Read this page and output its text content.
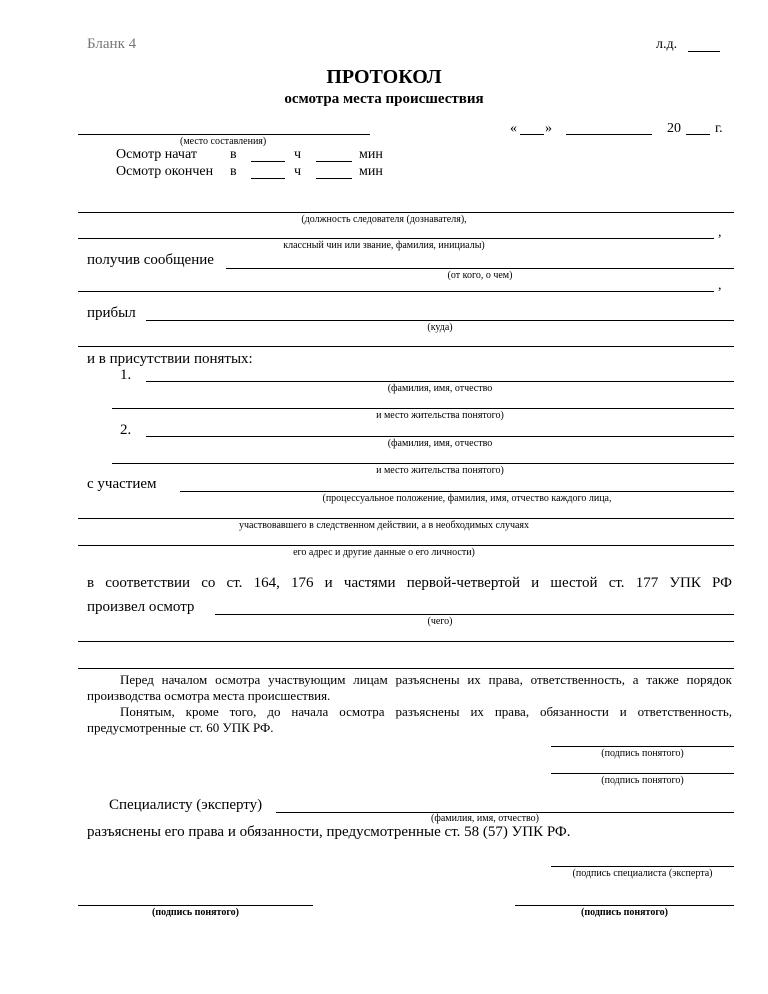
Бланк 4	л.д.
ПРОТОКОЛ
осмотра места происшествия
(место составления)
« »	20 г.
Осмотр начат в	ч	мин
Осмотр окончен в	ч	мин
(должность следователя (дознавателя),
,
классный чин или звание, фамилия, инициалы)
получив сообщение
(от кого, о чем)
,
прибыл
(куда)
и в присутствии понятых:
1.
(фамилия, имя, отчество
и место жительства понятого)
2.
(фамилия, имя, отчество
и место жительства понятого)
с участием
(процессуальное положение, фамилия, имя, отчество каждого лица,
участвовавшего в следственном действии, а в необходимых случаях
его адрес и другие данные о его личности)
в соответствии со ст. 164, 176 и частями первой-четвертой и шестой ст. 177 УПК РФ
произвел осмотр
(чего)
Перед началом осмотра участвующим лицам разъяснены их права, ответственность, а также порядок производства осмотра места происшествия.
Понятым, кроме того, до начала осмотра разъяснены их права, обязанности и ответственность, предусмотренные ст. 60 УПК РФ.
(подпись понятого)
(подпись понятого)
Специалисту (эксперту)
(фамилия, имя, отчество)
разъяснены его права и обязанности, предусмотренные ст. 58 (57) УПК РФ.
(подпись специалиста (эксперта)
(подпись понятого)	(подпись понятого)
